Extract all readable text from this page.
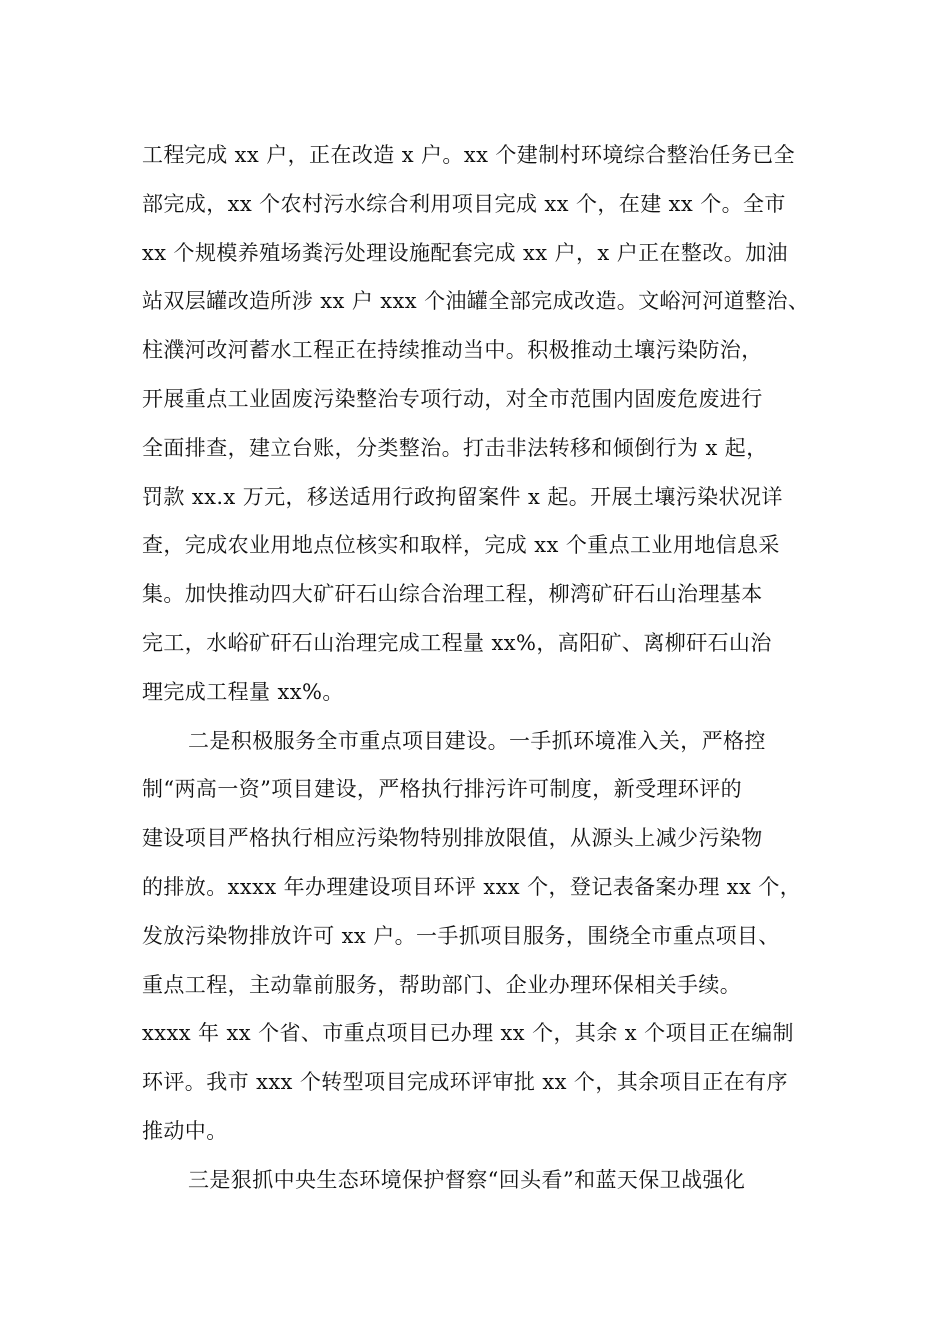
工程完成 xx 户，正在改造 x 户。xx 个建制村环境综合整治任务已全
部完成，xx 个农村污水综合利用项目完成 xx 个，在建 xx 个。全市
xx 个规模养殖场粪污处理设施配套完成 xx 户，x 户正在整改。加油
站双层罐改造所涉 xx 户 xxx 个油罐全部完成改造。文峪河河道整治、
柱濮河改河蓄水工程正在持续推动当中。积极推动土壤污染防治，
开展重点工业固废污染整治专项行动，对全市范围内固废危废进行
全面排查，建立台账，分类整治。打击非法转移和倾倒行为 x 起，
罚款 xx.x 万元，移送适用行政拘留案件 x 起。开展土壤污染状况详
查，完成农业用地点位核实和取样，完成 xx 个重点工业用地信息采
集。加快推动四大矿矸石山综合治理工程，柳湾矿矸石山治理基本
完工，水峪矿矸石山治理完成工程量 xx%，高阳矿、离柳矸石山治
理完成工程量 xx%。
二是积极服务全市重点项目建设。一手抓环境准入关，严格控
制“两高一资”项目建设，严格执行排污许可制度，新受理环评的
建设项目严格执行相应污染物特别排放限值，从源头上减少污染物
的排放。xxxx 年办理建设项目环评 xxx 个，登记表备案办理 xx 个，
发放污染物排放许可 xx 户。一手抓项目服务，围绕全市重点项目、
重点工程，主动靠前服务，帮助部门、企业办理环保相关手续。
xxxx 年 xx 个省、市重点项目已办理 xx 个，其余 x 个项目正在编制
环评。我市 xxx 个转型项目完成环评审批 xx 个，其余项目正在有序
推动中。
三是狠抓中央生态环境保护督察“回头看”和蓝天保卫战强化
